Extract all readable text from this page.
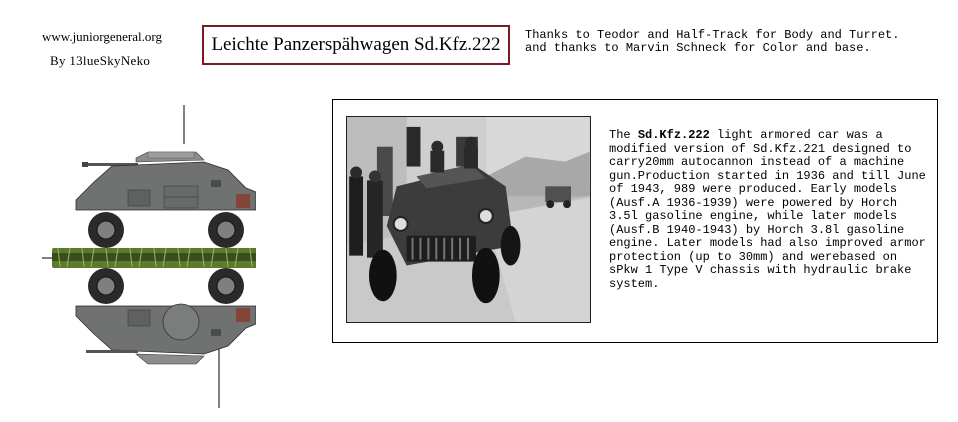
www.juniorgeneral.org
By 13lueSkyNeko
Leichte Panzerspähwagen Sd.Kfz.222 Thanks to Teodor and Half-Track for Body and Turret.
and thanks to Marvin Schneck for Color and base.
The Sd.Kfz.222 light armored car was a modified version of Sd.Kfz.221 designed to carry20mm autocannon instead of a machine gun.Production started in 1936 and till June of 1943, 989 were produced. Early models (Ausf.A 1936-1939) were powered by Horch 3.5l gasoline engine, while later models (Ausf.B 1940-1943) by Horch 3.8l gasoline engine. Later models had also improved armor protection (up to 30mm) and werebased on sPkw 1 Type V chassis with hydraulic brake system.
